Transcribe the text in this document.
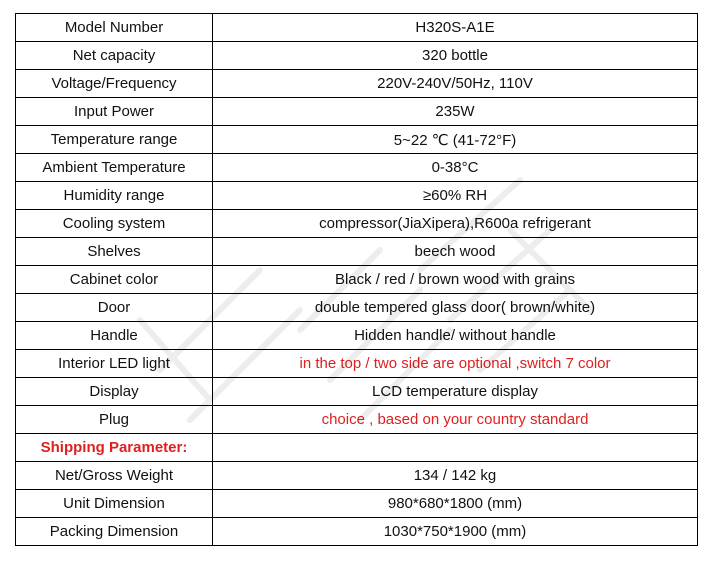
Model Number	H320S-A1E
Net capacity	320 bottle
Voltage/Frequency	220V-240V/50Hz, 110V
Input Power	235W
Temperature range	5~22 ℃ (41-72°F)
Ambient Temperature	0-38°C
Humidity range	≥60% RH
Cooling system	compressor(JiaXipera),R600a refrigerant
Shelves	beech wood
Cabinet color	Black / red / brown wood with grains
Door	double tempered glass door( brown/white)
Handle	Hidden handle/ without handle
Interior LED light	in the top / two side are optional ,switch 7 color
Display	LCD temperature display
Plug	choice , based on your country standard
Shipping Parameter:	
Net/Gross Weight	134 / 142 kg
Unit Dimension	980*680*1800 (mm)
Packing Dimension	1030*750*1900 (mm)
